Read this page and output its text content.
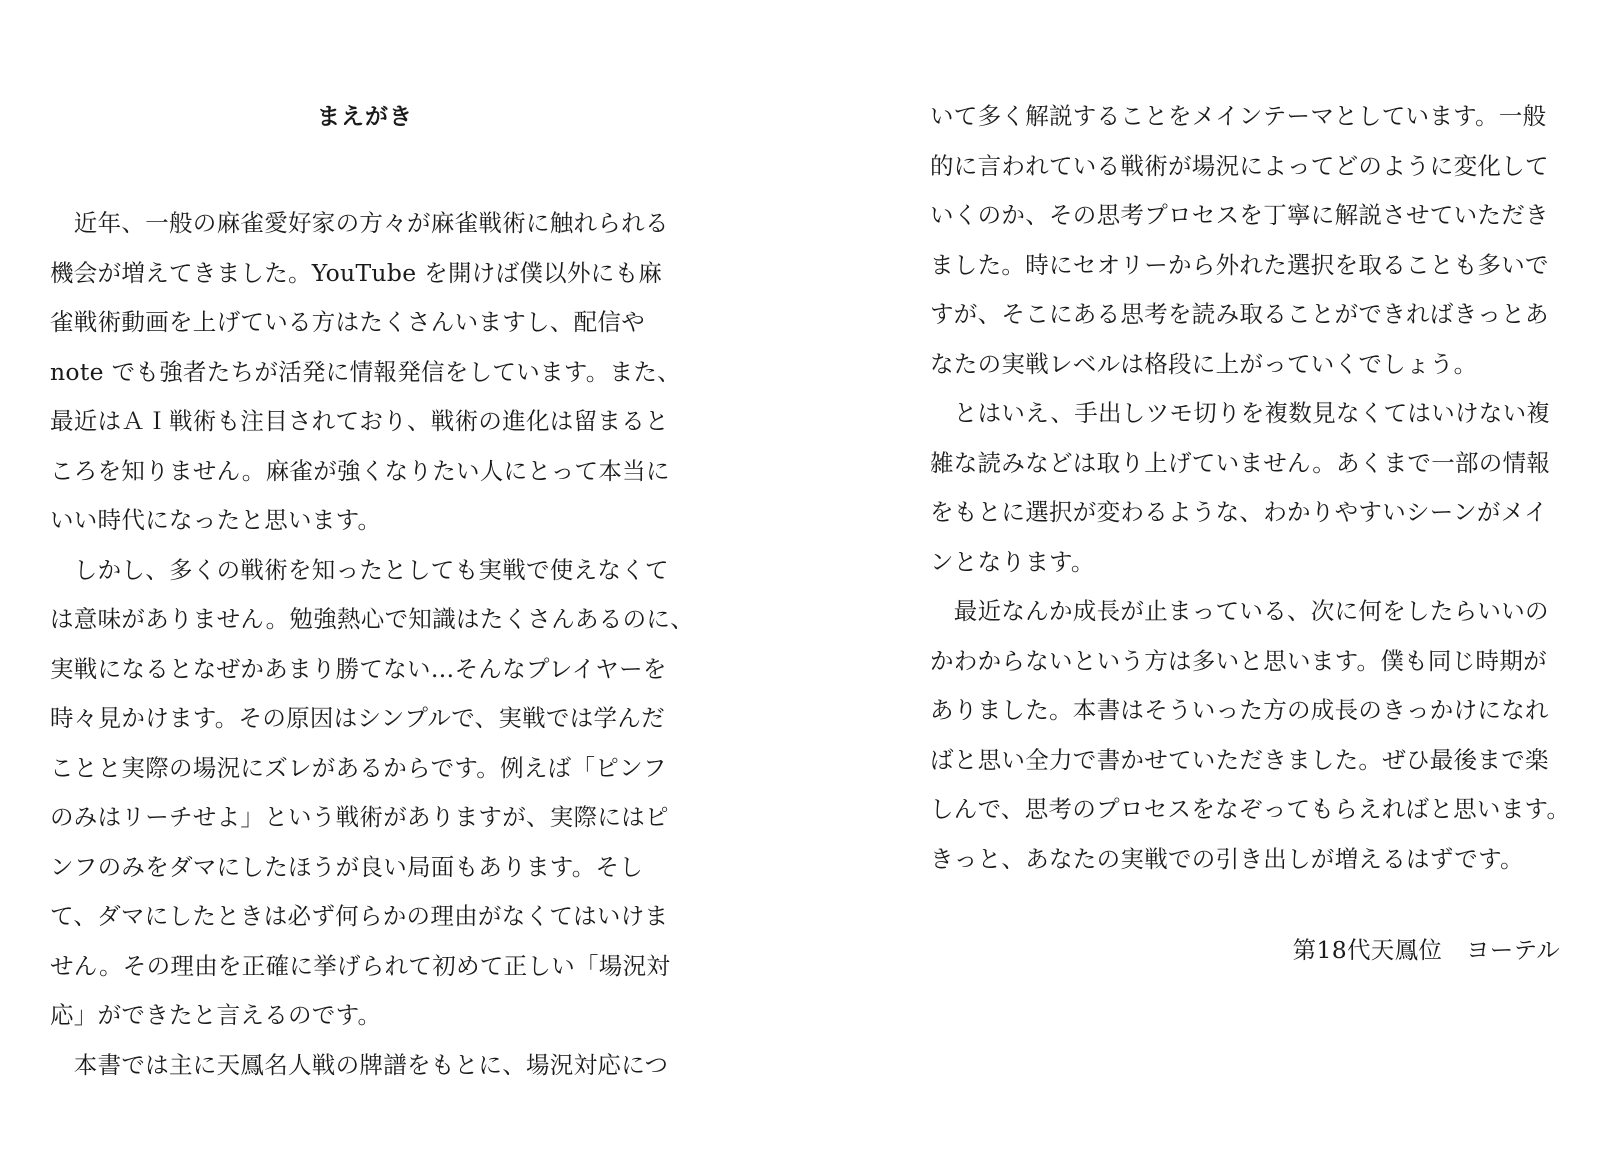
まえがき
　近年、一般の麻雀愛好家の方々が麻雀戦術に触れられる
機会が増えてきました。YouTube を開けば僕以外にも麻
雀戦術動画を上げている方はたくさんいますし、配信や
note でも強者たちが活発に情報発信をしています。また、
最近はＡＩ戦術も注目されており、戦術の進化は留まると
ころを知りません。麻雀が強くなりたい人にとって本当に
いい時代になったと思います。
　しかし、多くの戦術を知ったとしても実戦で使えなくて
は意味がありません。勉強熱心で知識はたくさんあるのに、
実戦になるとなぜかあまり勝てない…そんなプレイヤーを
時々見かけます。その原因はシンプルで、実戦では学んだ
ことと実際の場況にズレがあるからです。例えば「ピンフ
のみはリーチせよ」という戦術がありますが、実際にはピ
ンフのみをダマにしたほうが良い局面もあります。そし
て、ダマにしたときは必ず何らかの理由がなくてはいけま
せん。その理由を正確に挙げられて初めて正しい「場況対
応」ができたと言えるのです。
　本書では主に天鳳名人戦の牌譜をもとに、場況対応につ
いて多く解説することをメインテーマとしています。一般
的に言われている戦術が場況によってどのように変化して
いくのか、その思考プロセスを丁寧に解説させていただき
ました。時にセオリーから外れた選択を取ることも多いで
すが、そこにある思考を読み取ることができればきっとあ
なたの実戦レベルは格段に上がっていくでしょう。
　とはいえ、手出しツモ切りを複数見なくてはいけない複
雑な読みなどは取り上げていません。あくまで一部の情報
をもとに選択が変わるような、わかりやすいシーンがメイ
ンとなります。
　最近なんか成長が止まっている、次に何をしたらいいの
かわからないという方は多いと思います。僕も同じ時期が
ありました。本書はそういった方の成長のきっかけになれ
ばと思い全力で書かせていただきました。ぜひ最後まで楽
しんで、思考のプロセスをなぞってもらえればと思います。
きっと、あなたの実戦での引き出しが増えるはずです。
第18代天鳳位　ヨーテル
